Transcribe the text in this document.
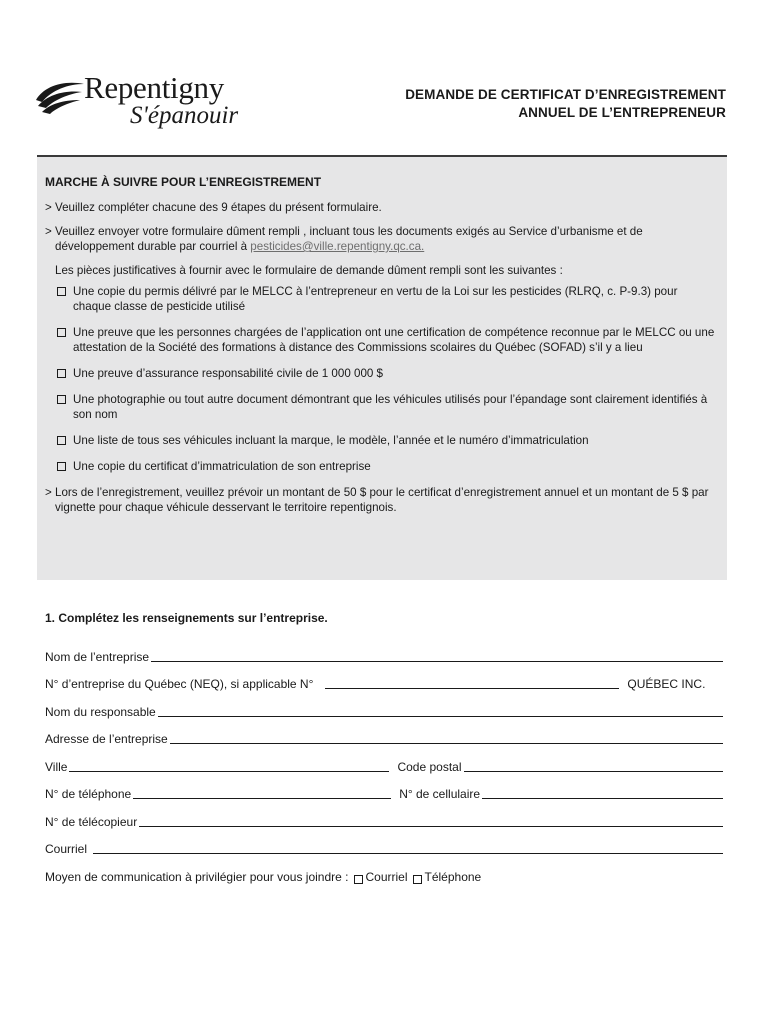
Repentigny
S'épanouir
DEMANDE DE CERTIFICAT D’ENREGISTREMENT
ANNUEL DE L’ENTREPRENEUR
MARCHE À SUIVRE POUR L’ENREGISTREMENT
> Veuillez compléter chacune des 9 étapes du présent formulaire.
> Veuillez envoyer votre formulaire dûment rempli , incluant tous les documents exigés au Service d’urbanisme et de développement durable par courriel à pesticides@ville.repentigny.qc.ca.
Les pièces justificatives à fournir avec le formulaire de demande dûment rempli sont les suivantes :
Une copie du permis délivré par le MELCC à l’entrepreneur en vertu de la Loi sur les pesticides (RLRQ, c. P-9.3) pour chaque classe de pesticide utilisé
Une preuve que les personnes chargées de l’application ont une certification de compétence reconnue par le MELCC ou une attestation de la Société des formations à distance des Commissions scolaires du Québec (SOFAD) s’il y a lieu
Une preuve d’assurance responsabilité civile de 1 000 000 $
Une photographie ou tout autre document démontrant que les véhicules utilisés pour l’épandage sont clairement identifiés à son nom
Une liste de tous ses véhicules incluant la marque, le modèle, l’année et le numéro d’immatriculation
Une copie du certificat d’immatriculation de son entreprise
> Lors de l’enregistrement, veuillez prévoir un montant de 50 $ pour le certificat d’enregistrement annuel et un montant de 5 $ par vignette pour chaque véhicule desservant le territoire repentignois.
1. Complétez les renseignements sur l’entreprise.
Nom de l’entreprise
N° d’entreprise du Québec (NEQ), si applicable N°	QUÉBEC INC.
Nom du responsable
Adresse de l’entreprise
Ville	Code postal
N° de téléphone	N° de cellulaire
N° de télécopieur
Courriel
Moyen de communication à privilégier pour vous joindre : Courriel Téléphone
